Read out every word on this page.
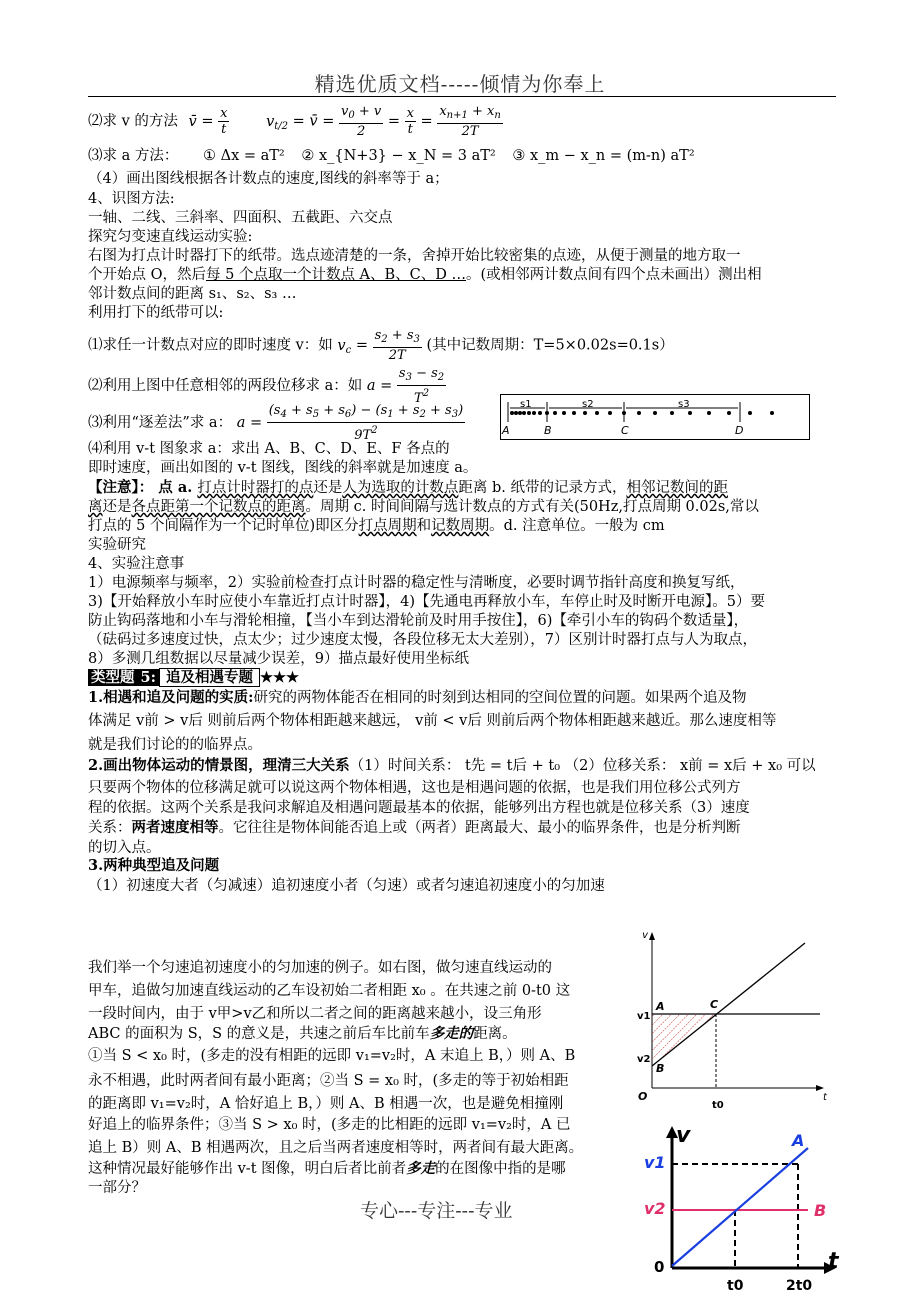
精选优质文档-----倾情为你奉上
⑵求 v 的方法 v̄ = $\frac{x}{t}$	$v_{t/2}$ = v̄ = $\frac{v_0 + v}{2} = \frac{x}{t} = \frac{x_{n+1} + x_n}{2T}$
⑶求 a 方法： ① Δx = aT² ② x_{N+3} − x_N = 3 aT² ③ x_m − x_n = (m-n) aT²
（4）画出图线根据各计数点的速度,图线的斜率等于 a；
4、识图方法:
一轴、二线、三斜率、四面积、五截距、六交点
探究匀变速直线运动实验:
右图为打点计时器打下的纸带。选点迹清楚的一条，舍掉开始比较密集的点迹，从便于测量的地方取一
个开始点 O，然后每 5 个点取一个计数点 A、B、C、D …。(或相邻两计数点间有四个点未画出）测出相
邻计数点间的距离 s₁、s₂、s₃ …
利用打下的纸带可以:
⑴求任一计数点对应的即时速度 v：如 $v_c = \frac{s_2 + s_3}{2T}$ (其中记数周期：T=5×0.02s=0.1s）
⑵利用上图中任意相邻的两段位移求 a：如 $a = \frac{s_3 - s_2}{T^2}$
⑶利用“逐差法”求 a： $a = \frac{(s_4 + s_5 + s_6) - (s_1 + s_2 + s_3)}{9T^2}$	s1	s2	s3
A	B	C	D
⑷利用 v-t 图象求 a：求出 A、B、C、D、E、F 各点的
即时速度，画出如图的 v-t 图线，图线的斜率就是加速度 a。
【注意】： 点 a. 打点计时器打的点还是人为选取的计数点距离 b. 纸带的记录方式，相邻记数间的距
离还是各点距第一个记数点的距离。周期 c. 时间间隔与选计数点的方式有关(50Hz,打点周期 0.02s,常以
打点的 5 个间隔作为一个记时单位)即区分打点周期和记数周期。d. 注意单位。一般为 cm
实验研究
4、实验注意事
1）电源频率与频率，2）实验前检查打点计时器的稳定性与清晰度，必要时调节指针高度和换复写纸，
3)【开始释放小车时应使小车靠近打点计时器】，4)【先通电再释放小车，车停止时及时断开电源】。5）要
防止钩码落地和小车与滑轮相撞，【当小车到达滑轮前及时用手按住】，6)【牵引小车的钩码个数适量】，
（砝码过多速度过快，点太少；过少速度太慢，各段位移无太大差别），7）区别计时器打点与人为取点，
8）多测几组数据以尽量减少误差，9）描点最好使用坐标纸
类型题 5: 追及相遇专题 ★★★
1.相遇和追及问题的实质:研究的两物体能否在相同的时刻到达相同的空间位置的问题。如果两个追及物
体满足 v前 > v后 则前后两个物体相距越来越远， v前 < v后 则前后两个物体相距越来越近。那么速度相等
就是我们讨论的的临界点。
2.画出物体运动的情景图，理清三大关系（1）时间关系： t先 = t后 + t₀ （2）位移关系： x前 = x后 + x₀ 可以
只要两个物体的位移满足就可以说这两个物体相遇，这也是相遇问题的依据，也是我们用位移公式列方
程的依据。这两个关系是我问求解追及相遇问题最基本的依据，能够列出方程也就是位移关系（3）速度
关系：两者速度相等。它往往是物体间能否追上或（两者）距离最大、最小的临界条件，也是分析判断
的切入点。
3.两种典型追及问题
（1）初速度大者（匀减速）追初速度小者（匀速）或者匀速追初速度小的匀加速
我们举一个匀速追初速度小的匀加速的例子。如右图，做匀速直线运动的
甲车，追做匀加速直线运动的乙车设初始二者相距 x₀ 。在共速之前 0-t0 这
一段时间内，由于 v甲>v乙和所以二者之间的距离越来越小，设三角形
ABC 的面积为 S，S 的意义是，共速之前后车比前车多走的距离。
①当 S < x₀ 时，(多走的没有相距的远即 v₁=v₂时，A 末追上 B，）则 A、B
永不相遇，此时两者间有最小距离；②当 S = x₀ 时，(多走的等于初始相距
的距离即 v₁=v₂时，A 恰好追上 B，）则 A、B 相遇一次，也是避免相撞刚
好追上的临界条件；③当 S > x₀ 时，(多走的比相距的远即 v₁=v₂时，A 已
追上 B）则 A、B 相遇两次，且之后当两者速度相等时，两者间有最大距离。
这种情况最好能够作出 v-t 图像，明白后者比前者多走的在图像中指的是哪
一部分？
v
t
O
v1
v2
t0
A
B
C
v
t
0
v1
v2
t0	2t0
A
B
专心---专注---专业
